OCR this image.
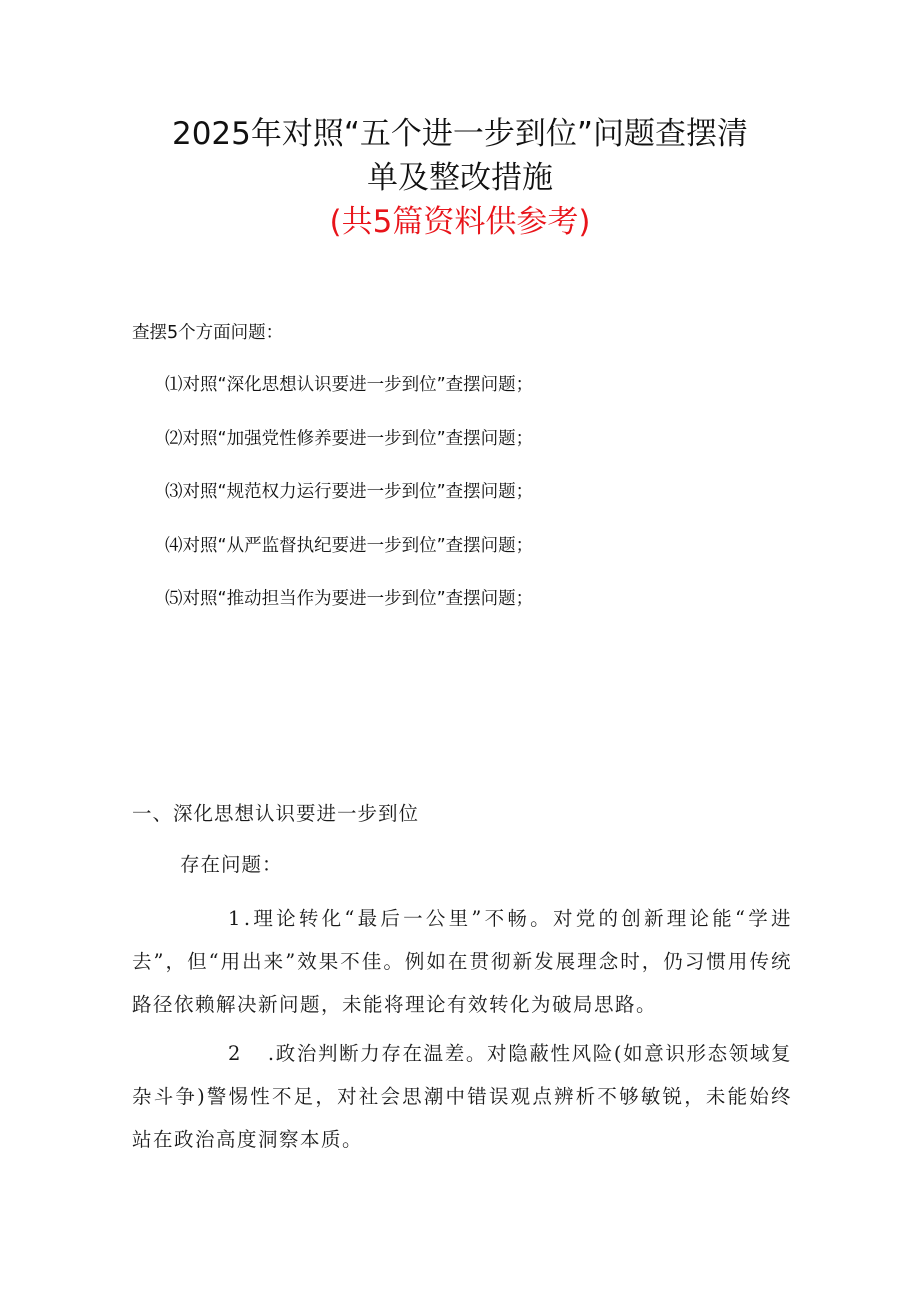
2025年对照“五个进一步到位”问题查摆清
单及整改措施
(共5篇资料供参考)
查摆5个方面问题：
⑴对照“深化思想认识要进一步到位”查摆问题；
⑵对照“加强党性修养要进一步到位”查摆问题；
⑶对照“规范权力运行要进一步到位”查摆问题；
⑷对照“从严监督执纪要进一步到位”查摆问题；
⑸对照“推动担当作为要进一步到位”查摆问题；
一、深化思想认识要进一步到位
存在问题：

1 .理论转化“最后一公里”不畅。对党的创新理论能“学进去”，但“用出来”效果不佳。例如在贯彻新发展理念时，仍习惯用传统路径依赖解决新问题，未能将理论有效转化为破局思路。

2 .政治判断力存在温差。对隐蔽性风险(如意识形态领域复杂斗争)警惕性不足，对社会思潮中错误观点辨析不够敏锐，未能始终站在政治高度洞察本质。
